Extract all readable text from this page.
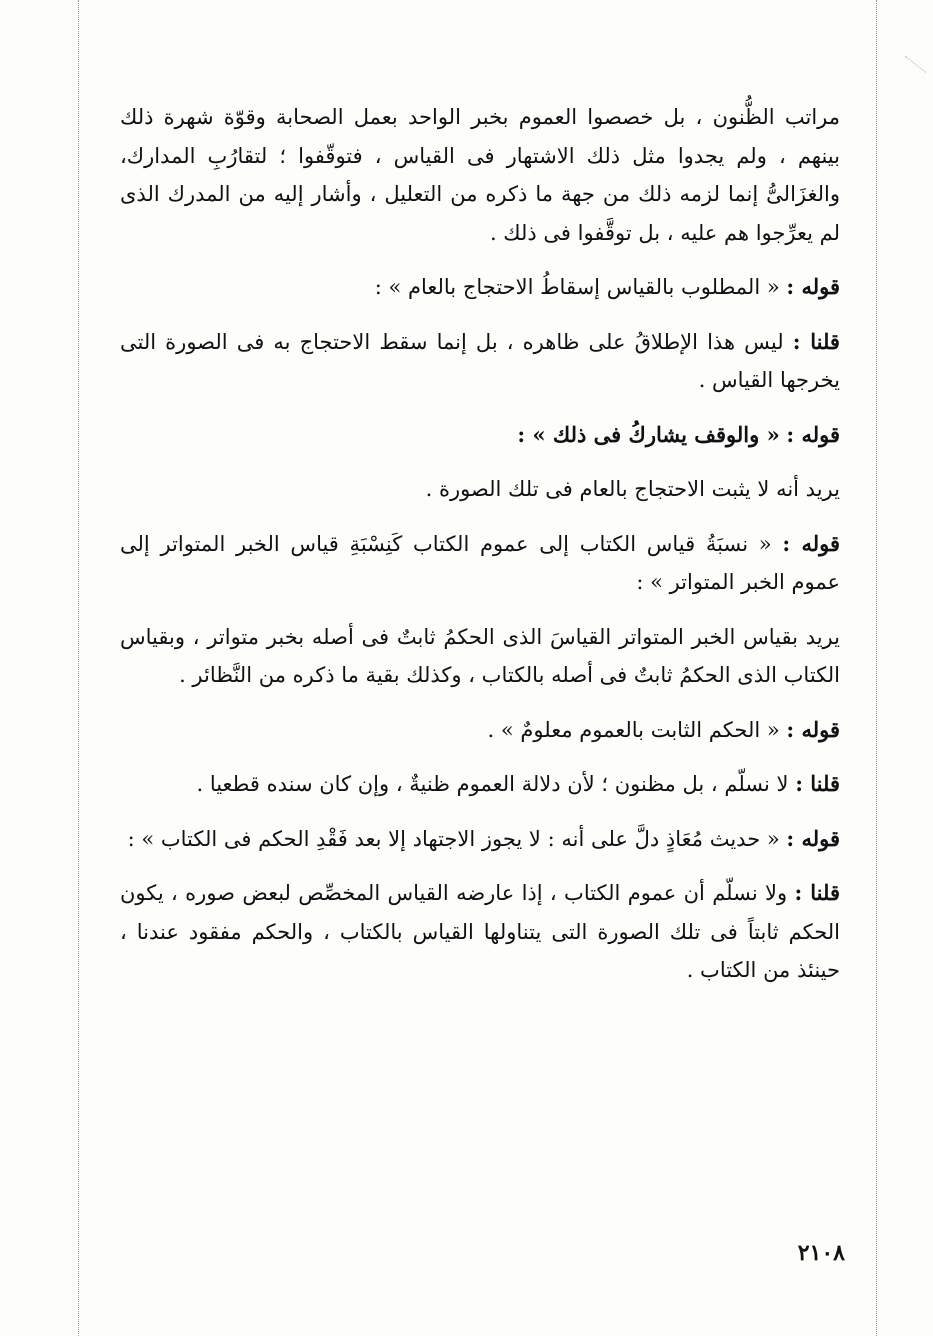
مراتب الظُّنون ، بل خصصوا العموم بخبر الواحد بعمل الصحابة وقوّة شهرة ذلك بينهم ، ولم يجدوا مثل ذلك الاشتهار فى القياس ، فتوقّفوا ؛ لتقارُبِ المدارك، والغزَالىُّ إنما لزمه ذلك من جهة ما ذكره من التعليل ، وأشار إليه من المدرك الذى لم يعرِّجوا هم عليه ، بل توقَّفوا فى ذلك .

قوله : « المطلوب بالقياس إسقاطُ الاحتجاج بالعام » :

قلنا : ليس هذا الإطلاقُ على ظاهره ، بل إنما سقط الاحتجاج به فى الصورة التى يخرجها القياس .

قوله : « والوقف يشاركُ فى ذلك » :

يريد أنه لا يثبت الاحتجاج بالعام فى تلك الصورة .

قوله : « نسبَةُ قياس الكتاب إلى عموم الكتاب كَنِسْبَةِ قياس الخبر المتواتر إلى عموم الخبر المتواتر » :

يريد بقياس الخبر المتواتر القياسَ الذى الحكمُ ثابتٌ فى أصله بخبر متواتر ، وبقياس الكتاب الذى الحكمُ ثابتٌ فى أصله بالكتاب ، وكذلك بقية ما ذكره من النَّظائر .

قوله : « الحكم الثابت بالعموم معلومٌ » .

قلنا : لا نسلّم ، بل مظنون ؛ لأن دلالة العموم ظنيةٌ ، وإن كان سنده قطعيا .

قوله : « حديث مُعَاذٍ دلَّ على أنه : لا يجوز الاجتهاد إلا بعد فَقْدِ الحكم فى الكتاب » :

قلنا : ولا نسلّم أن عموم الكتاب ، إذا عارضه القياس المخصِّص لبعض صوره ، يكون الحكم ثابتاً فى تلك الصورة التى يتناولها القياس بالكتاب ، والحكم مفقود عندنا ، حينئذ من الكتاب .

٢١٠٨
